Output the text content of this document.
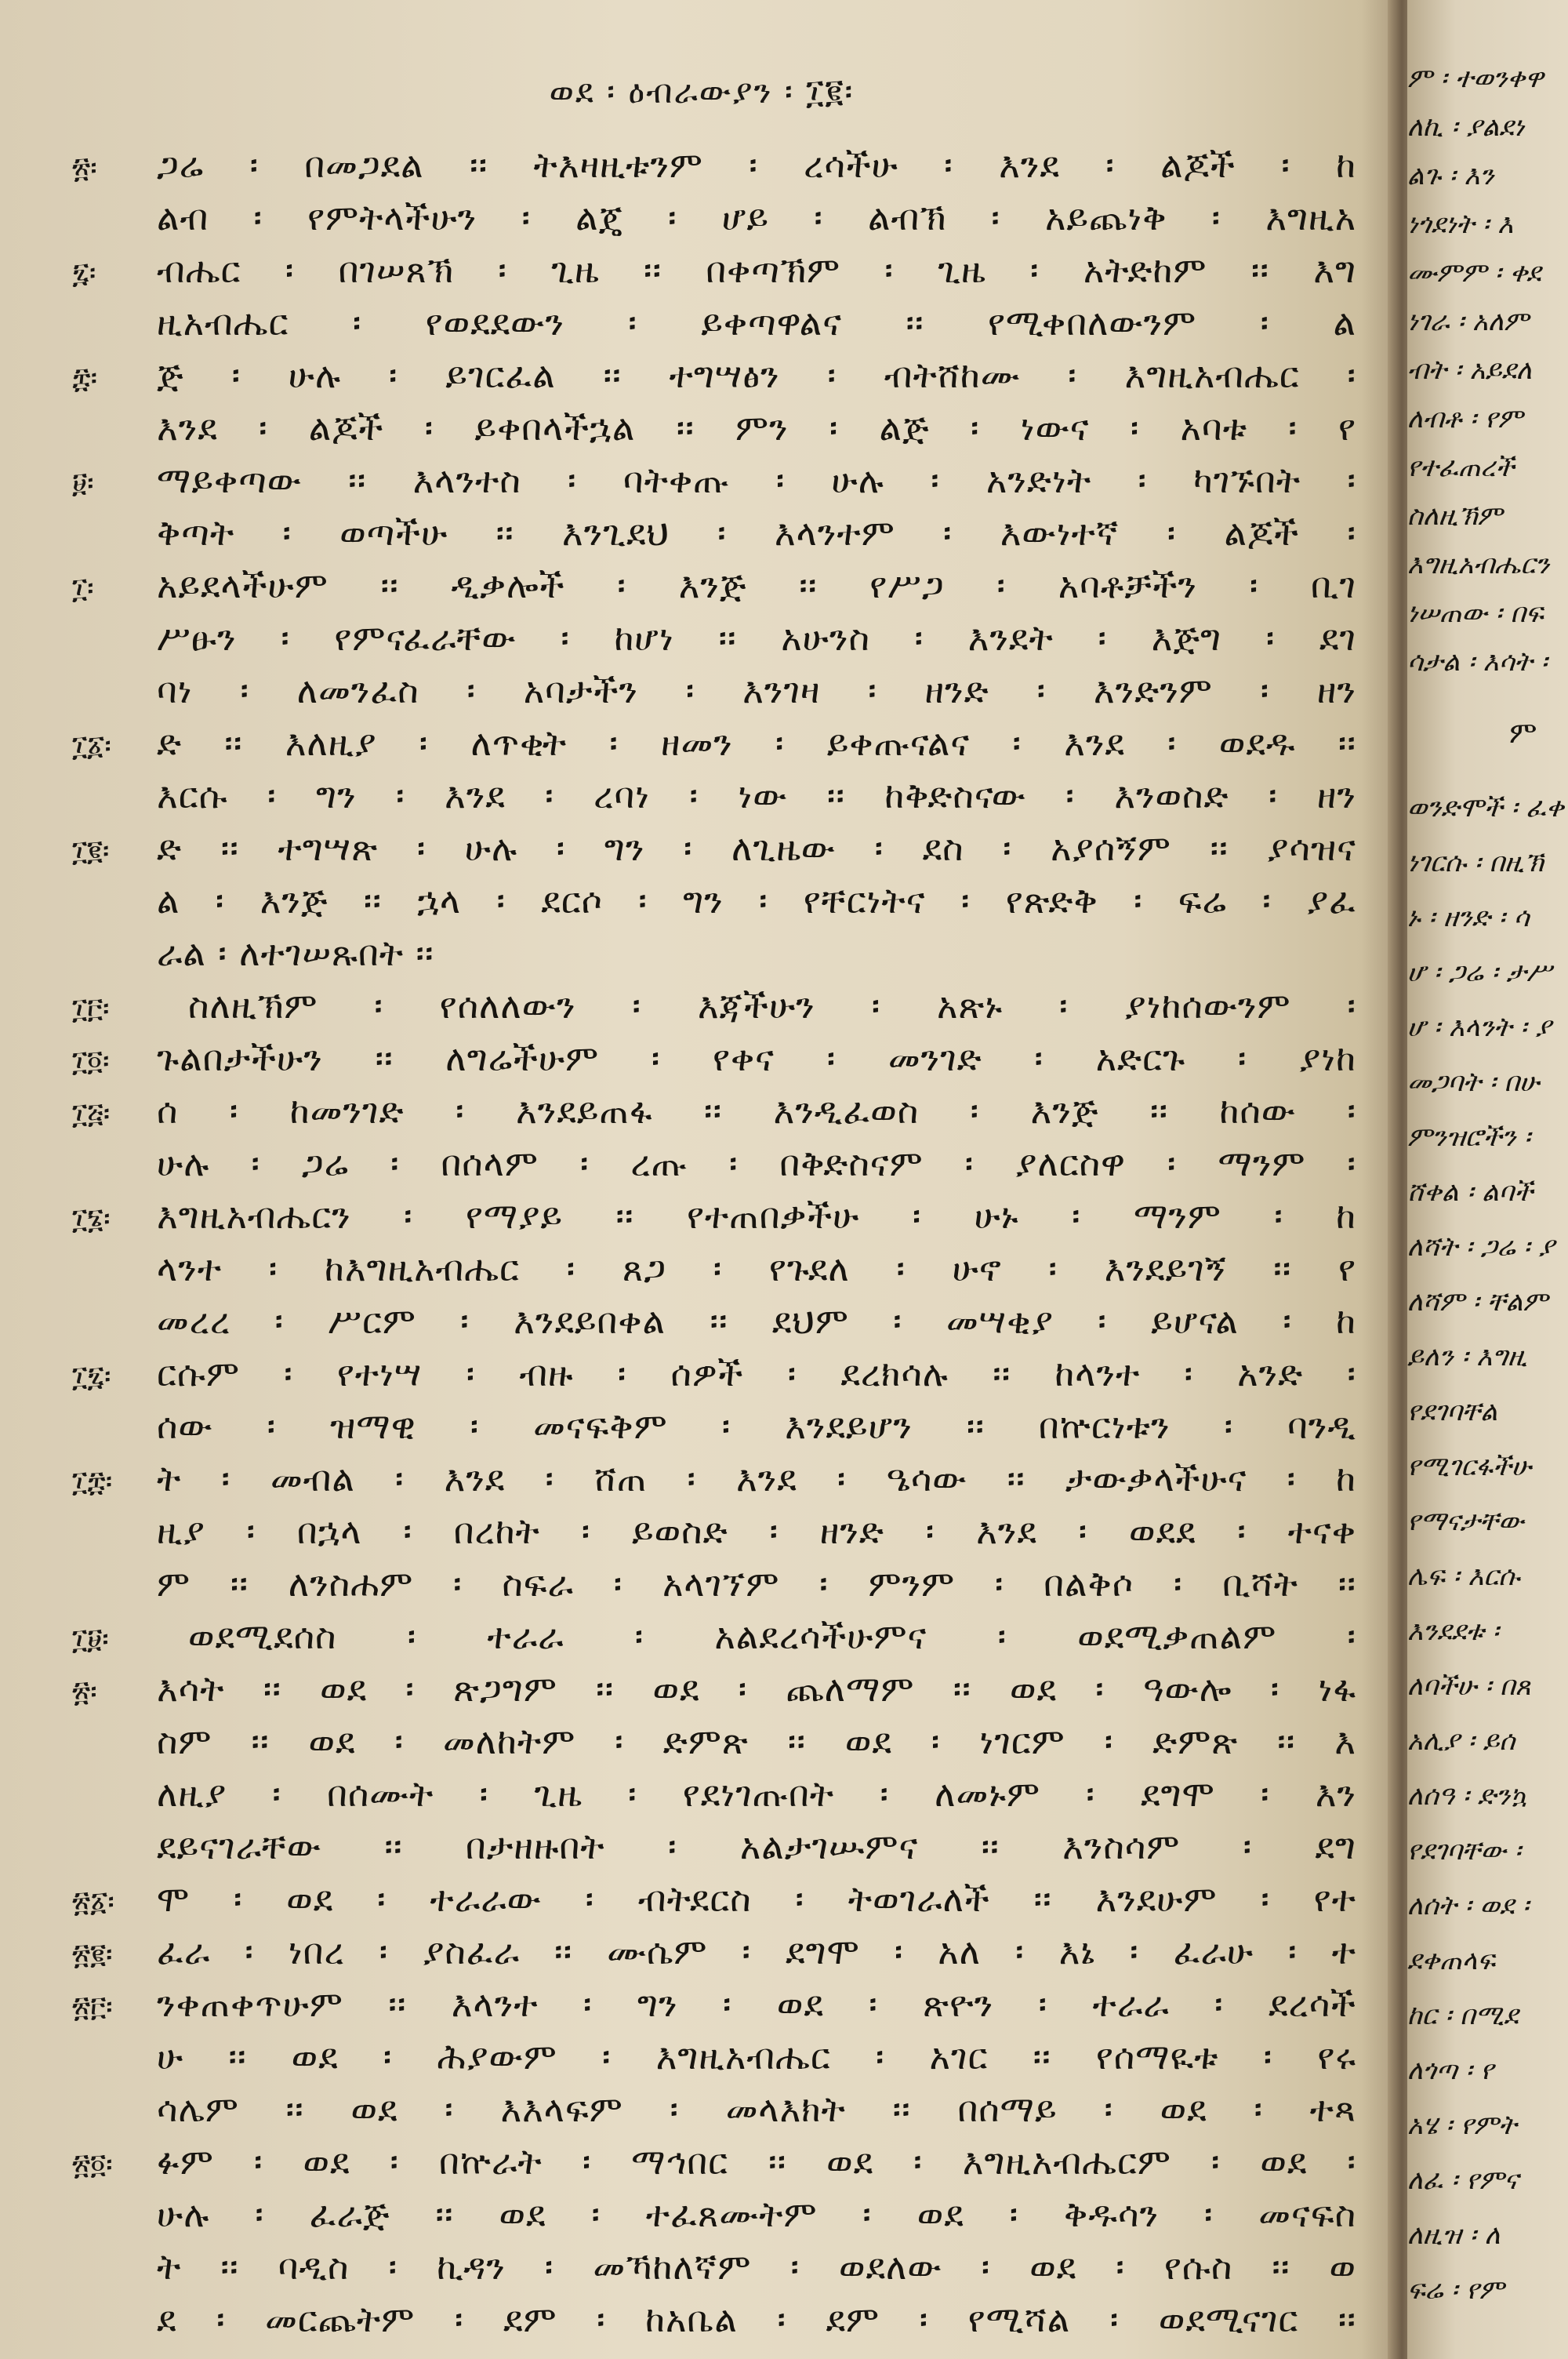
ወደ ፡ ዕብራውያን ፡ ፲፪፡
ጋሬ ፡ በመጋደል ፡፡ ትእዛዚቱንም ፡ ረሳችሁ ፡ እንደ ፡ ልጆች ፡ ከ
ልብ ፡ የምትላችሁን ፡ ልጄ ፡ ሆይ ፡ ልብኽ ፡ አይጨነቅ ፡ እግዚአ
ብሔር ፡ በገሠጸኽ ፡ ጊዜ ፡፡ በቀጣኽም ፡ ጊዜ ፡ አትድከም ፡፡ እግ
ዚአብሔር ፡ የወደደውን ፡ ይቀጣዋልና ፡፡ የሚቀበለውንም ፡ ል
ጅ ፡ ሁሉ ፡ ይገርፈል ፡፡ ተግሣፅን ፡ ብትሸከሙ ፡ እግዚአብሔር ፡
እንደ ፡ ልጆች ፡ ይቀበላችኋል ፡፡ ምን ፡ ልጅ ፡ ነውና ፡ አባቱ ፡ የ
ማይቀጣው ፡፡ እላንተስ ፡ ባትቀጡ ፡ ሁሉ ፡ አንድነት ፡ ካገኙበት ፡
ቅጣት ፡ ወጣችሁ ፡፡ እንጊደህ ፡ እላንተም ፡ እውነተኛ ፡ ልጆች ፡
አይደላችሁም ፡፡ ዲቃሎች ፡ እንጅ ፡፡ የሥጋ ፡ አባቶቻችን ፡ ቢገ
ሥፁን ፡ የምናፈራቸው ፡ ከሆነ ፡፡ አሁንስ ፡ እንደት ፡ እጅግ ፡ ደገ
ባነ ፡ ለመንፈስ ፡ አባታችን ፡ እንገዛ ፡ ዘንድ ፡ እንድንም ፡ ዘን
ድ ፡፡ እለዚያ ፡ ለጥቂት ፡ ዘመን ፡ ይቀጡናልና ፡ እንደ ፡ ወደዱ ፡፡
እርሱ ፡ ግን ፡ እንደ ፡ ረባነ ፡ ነው ፡፡ ከቅድስናው ፡ እንወስድ ፡ ዘን
ድ ፡፡ ተግሣጽ ፡ ሁሉ ፡ ግን ፡ ለጊዜው ፡ ደስ ፡ አያሰኝም ፡፡ ያሳዝና
ል ፡ እንጅ ፡፡ ኋላ ፡ ደርሶ ፡ ግን ፡ የቸርነትና ፡ የጽድቅ ፡ ፍሬ ፡ ያፈ
ራል ፡ ለተገሠጹበት ፡፡
ስለዚኽም ፡ የሰለለውን ፡ እጃችሁን ፡ አጽኑ ፡ ያነከሰውንም ፡
ጉልበታችሁን ፡፡ ለግሬችሁም ፡ የቀና ፡ መንገድ ፡ አድርጉ ፡ ያነከ
ሰ ፡ ከመንገድ ፡ እንደይጠፋ ፡፡ እንዲፈወስ ፡ እንጅ ፡፡ ከሰው ፡
ሁሉ ፡ ጋሬ ፡ በሰላም ፡ ረጡ ፡ በቅድስናም ፡ ያለርስዋ ፡ ማንም ፡
እግዚአብሔርን ፡ የማያይ ፡፡ የተጠበቃችሁ ፡ ሁኑ ፡ ማንም ፡ ከ
ላንተ ፡ ከእግዚአብሔር ፡ ጸጋ ፡ የጉደለ ፡ ሁኖ ፡ እንደይገኝ ፡፡ የ
መረረ ፡ ሥርም ፡ እንደይበቀል ፡፡ ደህም ፡ መሣቂያ ፡ ይሆናል ፡ ከ
ርሱም ፡ የተነሣ ፡ ብዙ ፡ ሰዎች ፡ ደረክሳሉ ፡፡ ከላንተ ፡ አንድ ፡
ሰው ፡ ዝማዊ ፡ መናፍቅም ፡ እንደይሆን ፡፡ በኵርነቱን ፡ ባንዲ
ት ፡ መብል ፡ እንደ ፡ ሸጠ ፡ እንደ ፡ ዔሳው ፡፡ ታውቃላችሁና ፡ ከ
ዚያ ፡ በኋላ ፡ በረከት ፡ ይወስድ ፡ ዘንድ ፡ እንደ ፡ ወደደ ፡ ተናቀ
ም ፡፡ ለንስሐም ፡ ስፍራ ፡ አላገኘም ፡ ምንም ፡ በልቅሶ ፡ ቢሻት ፡፡
ወደሚደሰስ ፡ ተራራ ፡ አልደረሳችሁምና ፡ ወደሚቃጠልም ፡
እሳት ፡፡ ወደ ፡ ጽጋግም ፡፡ ወደ ፡ ጨለማም ፡፡ ወደ ፡ ዓውሎ ፡ ነፋ
ስም ፡፡ ወደ ፡ መለከትም ፡ ድምጽ ፡፡ ወደ ፡ ነገርም ፡ ድምጽ ፡፡ እ
ለዚያ ፡ በሰሙት ፡ ጊዜ ፡ የደነገጡበት ፡ ለመኑም ፡ ደግሞ ፡ እን
ደይናገራቸው ፡፡ በታዘዙበት ፡ አልታገሡምና ፡፡ እንስሳም ፡ ደግ
ሞ ፡ ወደ ፡ ተራራው ፡ ብትደርስ ፡ ትወገራለች ፡፡ እንደሁም ፡ የተ
ፈራ ፡ ነበረ ፡ ያስፈራ ፡፡ ሙሴም ፡ ደግሞ ፡ አለ ፡ እኔ ፡ ፈራሁ ፡ ተ
ንቀጠቀጥሁም ፡፡ እላንተ ፡ ግን ፡ ወደ ፡ ጽዮን ፡ ተራራ ፡ ደረሳች
ሁ ፡፡ ወደ ፡ ሕያውም ፡ እግዚአብሔር ፡ አገር ፡፡ የሰማዪቱ ፡ የሩ
ሳሌም ፡፡ ወደ ፡ እእላፍም ፡ መላእክት ፡፡ በሰማይ ፡ ወደ ፡ ተጻ
ፉም ፡ ወደ ፡ በኵራት ፡ ማኅበር ፡፡ ወደ ፡ እግዚአብሔርም ፡ ወደ ፡
ሁሉ ፡ ፈራጅ ፡፡ ወደ ፡ ተፈጸሙትም ፡ ወደ ፡ ቅዱሳን ፡ መናፍስ
ት ፡፡ ባዲስ ፡ ኪዳን ፡ መኻከለኛም ፡ ወደለው ፡ ወደ ፡ የሱስ ፡፡ ወ
ደ ፡ መርጨትም ፡ ደም ፡ ከአቤል ፡ ደም ፡ የሚሻል ፡ ወደሚናገር ፡፡
፳፡
፯፡
፰፡
፱፡
፲፡
፲፩፡
፲፪፡
፲፫፡
፲፬፡
፲፭፡
፲፮፡
፲፯፡
፲፰፡
፲፱፡
፳፡
፳፩፡
፳፪፡
፳፫፡
፳፬፡
ም ፡ ተወንቀዋ
ለኪ ፡ ያልደነ
ልጉ ፡ እን
ነጎደነት ፡ እ
ሙምም ፡ ቀደ
ነገራ ፡ አለም
ብት ፡ አይደለ
ለብቶ ፡ የም
የተፈጠረች
ስለዚኽም
እግዚአብሔርን
ነሠጠው ፡ በፍ
ሳታል ፡ እሳት ፡
ወንድሞች ፡ ፈቀ
ነገርሱ ፡ በዚኽ
ኑ ፡ ዘንድ ፡ ሳ
ሆ ፡ ጋሬ ፡ ታሥ
ሆ ፡ እላንት ፡ ያ
መጋባት ፡ በሁ
ምንዝሮችን ፡
ሸቀል ፡ ልባች
ለሻት ፡ ጋሬ ፡ ያ
ለሻም ፡ ቸልም
ይለን ፡ እግዚ
የደገባቸል
የሚገርፋችሁ
የማናታቸው
ሌፍ ፡ እርሱ
እንደደቱ ፡
ለባችሁ ፡ በጸ
አሊያ ፡ ይሰ
ለሰዓ ፡ ድንኳ
የደገባቸው ፡
ለሰት ፡ ወደ ፡
ደቀጠላፍ
ከር ፡ በሚደ
ለጎጣ ፡ የ
አሄ ፡ የምት
ለፈ ፡ የምና
ለዚዝ ፡ ለ
ፍሬ ፡ የም
ም
